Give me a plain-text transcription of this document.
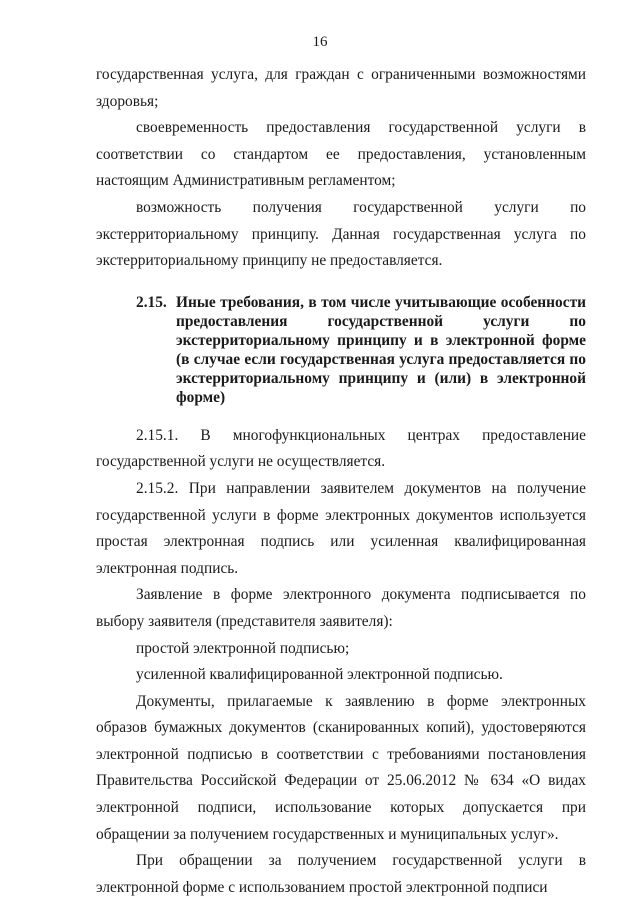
16

государственная услуга, для граждан с ограниченными возможностями здоровья;

своевременность предоставления государственной услуги в соответствии со стандартом ее предоставления, установленным настоящим Административным регламентом;

возможность получения государственной услуги по экстерриториальному принципу. Данная государственная услуга по экстерриториальному принципу не предоставляется.

2.15. Иные требования, в том числе учитывающие особенности предоставления государственной услуги по экстерриториальному принципу и в электронной форме (в случае если государственная услуга предоставляется по экстерриториальному принципу и (или) в электронной форме)

2.15.1. В многофункциональных центрах предоставление государственной услуги не осуществляется.

2.15.2. При направлении заявителем документов на получение государственной услуги в форме электронных документов используется простая электронная подпись или усиленная квалифицированная электронная подпись.

Заявление в форме электронного документа подписывается по выбору заявителя (представителя заявителя):

простой электронной подписью;

усиленной квалифицированной электронной подписью.

Документы, прилагаемые к заявлению в форме электронных образов бумажных документов (сканированных копий), удостоверяются электронной подписью в соответствии с требованиями постановления Правительства Российской Федерации от 25.06.2012 № 634 «О видах электронной подписи, использование которых допускается при обращении за получением государственных и муниципальных услуг».

При обращении за получением государственной услуги в электронной форме с использованием простой электронной подписи
